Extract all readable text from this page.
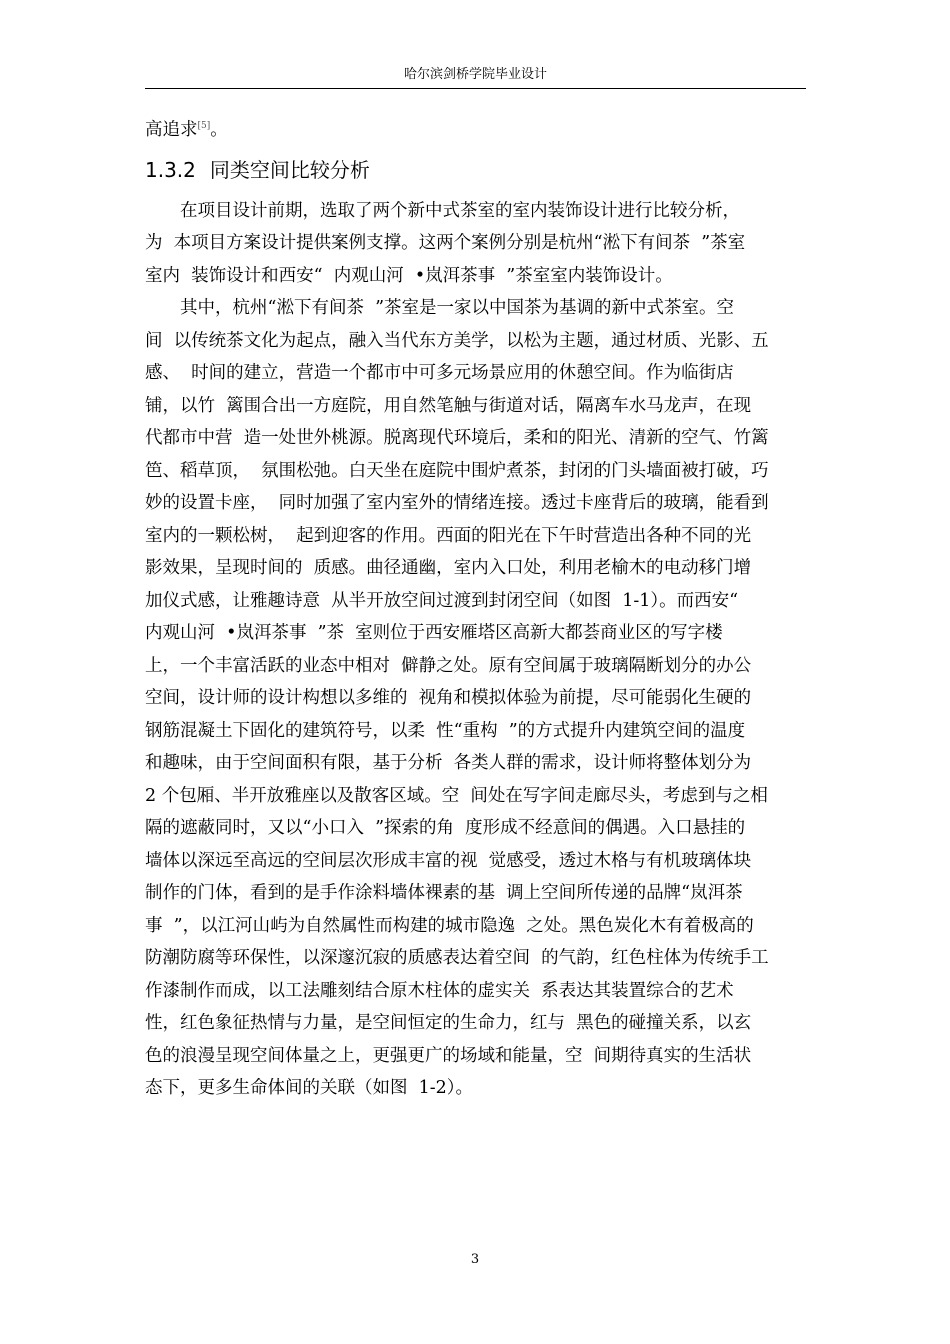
哈尔滨剑桥学院毕业设计
高追求[5]。
1.3.2 同类空间比较分析
在项目设计前期，选取了两个新中式茶室的室内装饰设计进行比较分析，
为  本项目方案设计提供案例支撑。这两个案例分别是杭州“淞下有间茶  ”茶室
室内  装饰设计和西安“  内观山河  •岚洱茶事  ”茶室室内装饰设计。
其中，杭州“淞下有间茶  ”茶室是一家以中国茶为基调的新中式茶室。空
间  以传统茶文化为起点，融入当代东方美学，以松为主题，通过材质、光影、五
感、  时间的建立，营造一个都市中可多元场景应用的休憩空间。作为临街店
铺，以竹  篱围合出一方庭院，用自然笔触与街道对话，隔离车水马龙声，在现
代都市中营  造一处世外桃源。脱离现代环境后，柔和的阳光、清新的空气、竹篱
笆、稻草顶，  氛围松弛。白天坐在庭院中围炉煮茶，封闭的门头墙面被打破，巧
妙的设置卡座，  同时加强了室内室外的情绪连接。透过卡座背后的玻璃，能看到
室内的一颗松树，  起到迎客的作用。西面的阳光在下午时营造出各种不同的光
影效果，呈现时间的  质感。曲径通幽，室内入口处，利用老榆木的电动移门增
加仪式感，让雅趣诗意  从半开放空间过渡到封闭空间（如图  1-1）。而西安“
内观山河  •岚洱茶事  ”茶  室则位于西安雁塔区高新大都荟商业区的写字楼
上，一个丰富活跃的业态中相对  僻静之处。原有空间属于玻璃隔断划分的办公
空间，设计师的设计构想以多维的  视角和模拟体验为前提，尽可能弱化生硬的
钢筋混凝土下固化的建筑符号，以柔  性“重构  ”的方式提升内建筑空间的温度
和趣味，由于空间面积有限，基于分析  各类人群的需求，设计师将整体划分为
2 个包厢、半开放雅座以及散客区域。空  间处在写字间走廊尽头，考虑到与之相
隔的遮蔽同时，又以“小口入  ”探索的角  度形成不经意间的偶遇。入口悬挂的
墙体以深远至高远的空间层次形成丰富的视  觉感受，透过木格与有机玻璃体块
制作的门体，看到的是手作涂料墙体裸素的基  调上空间所传递的品牌“岚洱茶
事  ”，以江河山屿为自然属性而构建的城市隐逸  之处。黑色炭化木有着极高的
防潮防腐等环保性，以深邃沉寂的质感表达着空间  的气韵，红色柱体为传统手工
作漆制作而成，以工法雕刻结合原木柱体的虚实关  系表达其装置综合的艺术
性，红色象征热情与力量，是空间恒定的生命力，红与  黑色的碰撞关系，以玄
色的浪漫呈现空间体量之上，更强更广的场域和能量，空  间期待真实的生活状
态下，更多生命体间的关联（如图  1-2）。
3
